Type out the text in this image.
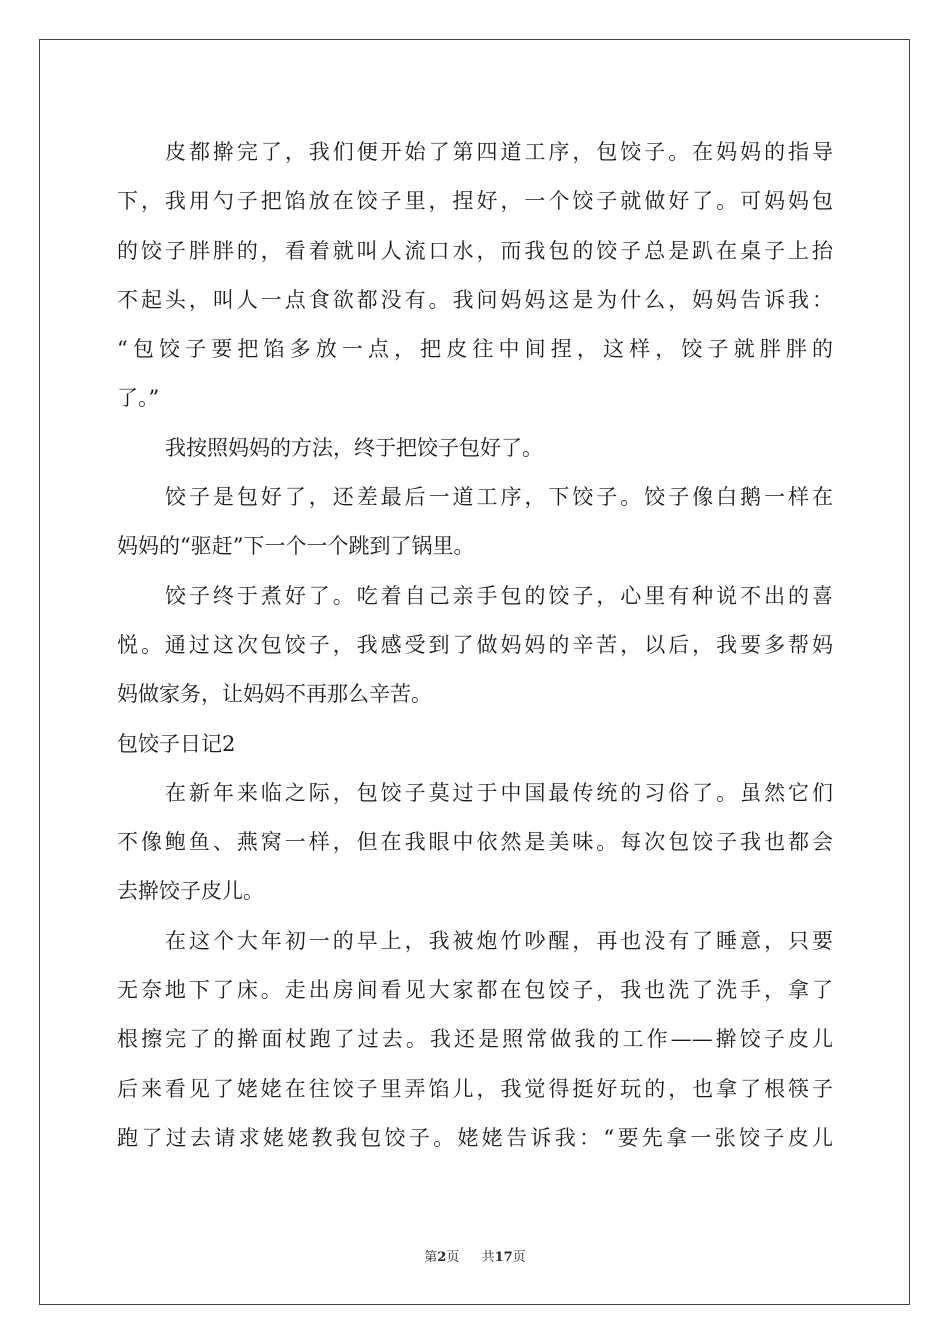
皮都擀完了，我们便开始了第四道工序，包饺子。在妈妈的指导
下，我用勺子把馅放在饺子里，捏好，一个饺子就做好了。可妈妈包
的饺子胖胖的，看着就叫人流口水，而我包的饺子总是趴在桌子上抬
不起头，叫人一点食欲都没有。我问妈妈这是为什么，妈妈告诉我：
“包饺子要把馅多放一点，把皮往中间捏，这样，饺子就胖胖的
了。”
我按照妈妈的方法，终于把饺子包好了。
饺子是包好了，还差最后一道工序，下饺子。饺子像白鹅一样在
妈妈的“驱赶”下一个一个跳到了锅里。
饺子终于煮好了。吃着自己亲手包的饺子，心里有种说不出的喜
悦。通过这次包饺子，我感受到了做妈妈的辛苦，以后，我要多帮妈
妈做家务，让妈妈不再那么辛苦。
包饺子日记2
在新年来临之际，包饺子莫过于中国最传统的习俗了。虽然它们
不像鲍鱼、燕窝一样，但在我眼中依然是美味。每次包饺子我也都会
去擀饺子皮儿。
在这个大年初一的早上，我被炮竹吵醒，再也没有了睡意，只要
无奈地下了床。走出房间看见大家都在包饺子，我也洗了洗手，拿了
根擦完了的擀面杖跑了过去。我还是照常做我的工作——擀饺子皮儿
后来看见了姥姥在往饺子里弄馅儿，我觉得挺好玩的，也拿了根筷子
跑了过去请求姥姥教我包饺子。姥姥告诉我：“要先拿一张饺子皮儿
第2页 共17页
